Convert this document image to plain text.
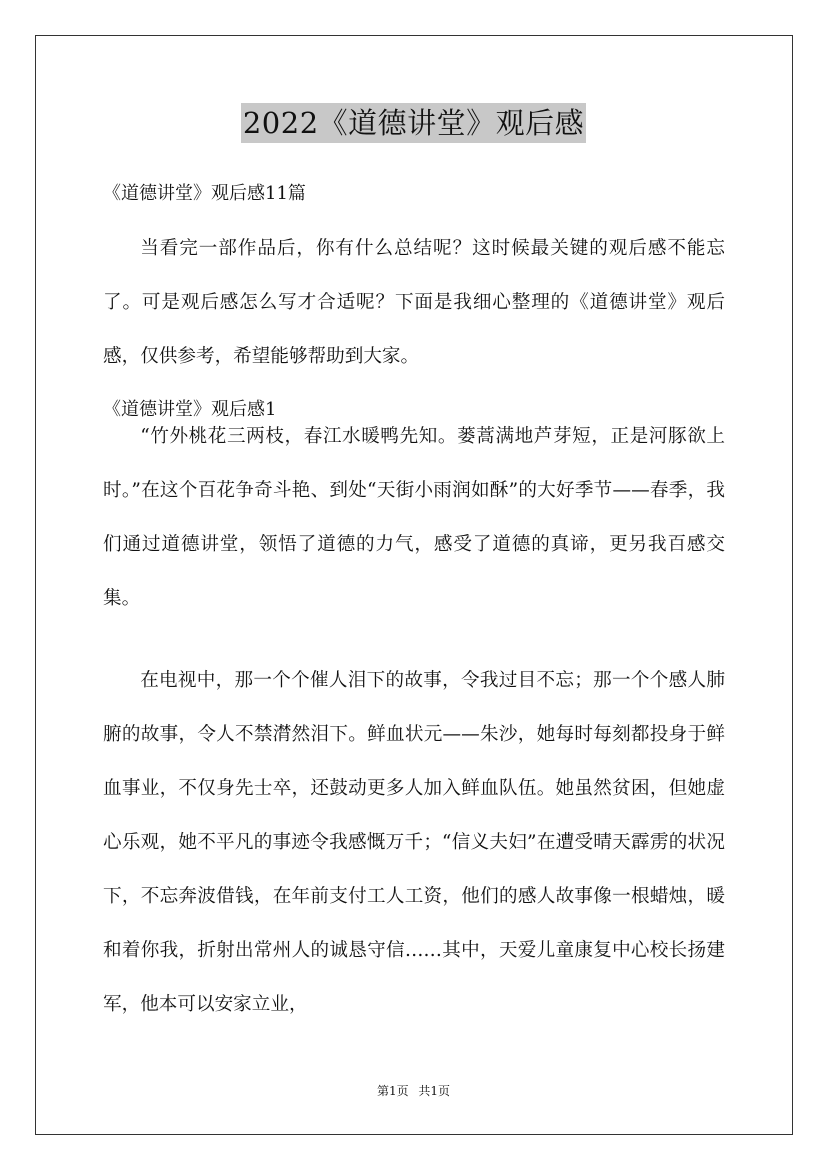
2022《道德讲堂》观后感
《道德讲堂》观后感11篇

当看完一部作品后，你有什么总结呢？这时候最关键的观后感不能忘了。可是观后感怎么写才合适呢？下面是我细心整理的《道德讲堂》观后感，仅供参考，希望能够帮助到大家。

《道德讲堂》观后感1

“竹外桃花三两枝，春江水暖鸭先知。蒌蒿满地芦芽短，正是河豚欲上时。”在这个百花争奇斗艳、到处“天街小雨润如酥”的大好季节——春季，我们通过道德讲堂，领悟了道德的力气，感受了道德的真谛，更另我百感交集。

在电视中，那一个个催人泪下的故事，令我过目不忘；那一个个感人肺腑的故事，令人不禁潸然泪下。鲜血状元——朱沙，她每时每刻都投身于鲜血事业，不仅身先士卒，还鼓动更多人加入鲜血队伍。她虽然贫困，但她虚心乐观，她不平凡的事迹令我感慨万千；“信义夫妇”在遭受晴天霹雳的状况下，不忘奔波借钱，在年前支付工人工资，他们的感人故事像一根蜡烛，暖和着你我，折射出常州人的诚恳守信……其中，天爱儿童康复中心校长扬建军，他本可以安家立业，

第1页 共1页
